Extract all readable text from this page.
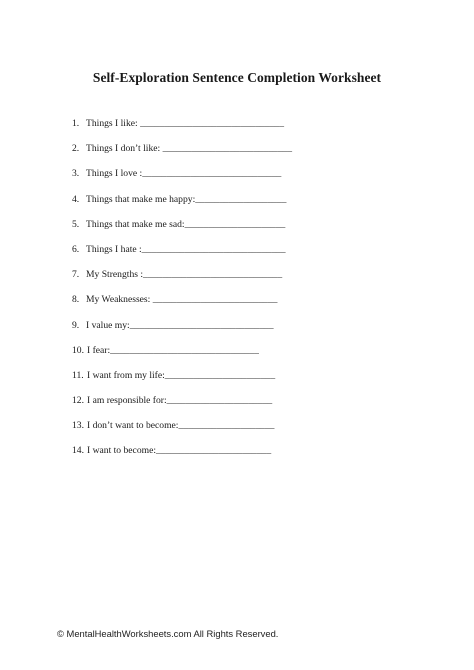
Self-Exploration Sentence Completion Worksheet
1. Things I like: ______________________________
2. Things I don’t like: ___________________________
3. Things I love :_____________________________
4. Things that make me happy:___________________
5. Things that make me sad:_____________________
6. Things I hate :______________________________
7. My Strengths :_____________________________
8. My Weaknesses: __________________________
9. I value my:______________________________
10. I fear:_______________________________
11. I want from my life:_______________________
12. I am responsible for:______________________
13. I don’t want to become:____________________
14. I want to become:________________________
© MentalHealthWorksheets.com All Rights Reserved.
